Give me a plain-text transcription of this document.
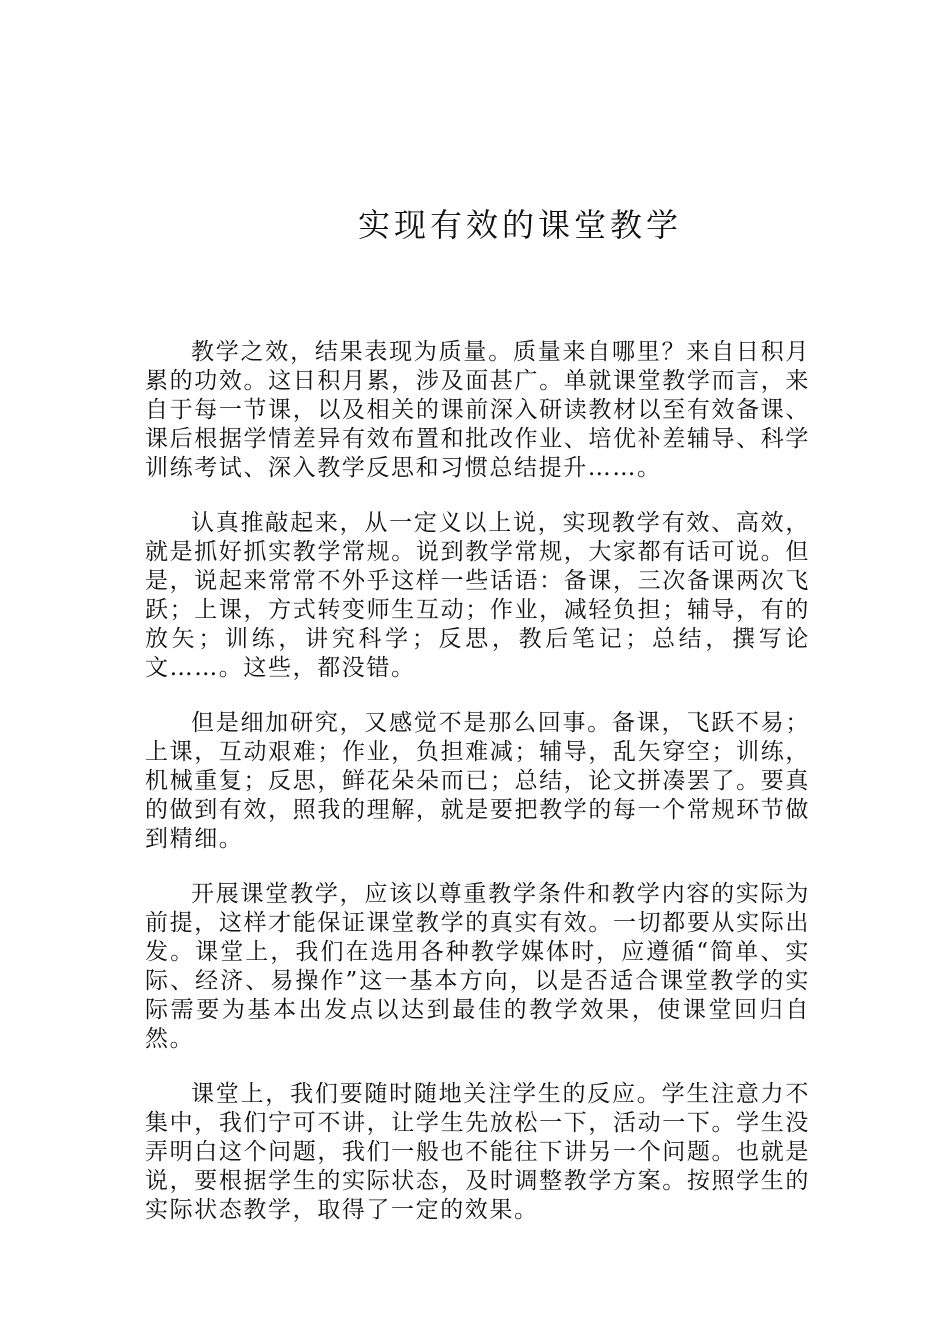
实现有效的课堂教学

教学之效，结果表现为质量。质量来自哪里？来自日积月累的功效。这日积月累，涉及面甚广。单就课堂教学而言，来自于每一节课，以及相关的课前深入研读教材以至有效备课、课后根据学情差异有效布置和批改作业、培优补差辅导、科学训练考试、深入教学反思和习惯总结提升……。

认真推敲起来，从一定义以上说，实现教学有效、高效，就是抓好抓实教学常规。说到教学常规，大家都有话可说。但是，说起来常常不外乎这样一些话语：备课，三次备课两次飞跃；上课，方式转变师生互动；作业，减轻负担；辅导，有的放矢；训练，讲究科学；反思，教后笔记；总结，撰写论文……。这些，都没错。

但是细加研究，又感觉不是那么回事。备课，飞跃不易；上课，互动艰难；作业，负担难减；辅导，乱矢穿空；训练，机械重复；反思，鲜花朵朵而已；总结，论文拼凑罢了。要真的做到有效，照我的理解，就是要把教学的每一个常规环节做到精细。

开展课堂教学，应该以尊重教学条件和教学内容的实际为前提，这样才能保证课堂教学的真实有效。一切都要从实际出发。课堂上，我们在选用各种教学媒体时，应遵循“简单、实际、经济、易操作”这一基本方向，以是否适合课堂教学的实际需要为基本出发点以达到最佳的教学效果，使课堂回归自然。

课堂上，我们要随时随地关注学生的反应。学生注意力不集中，我们宁可不讲，让学生先放松一下，活动一下。学生没弄明白这个问题，我们一般也不能往下讲另一个问题。也就是说，要根据学生的实际状态，及时调整教学方案。按照学生的实际状态教学，取得了一定的效果。
